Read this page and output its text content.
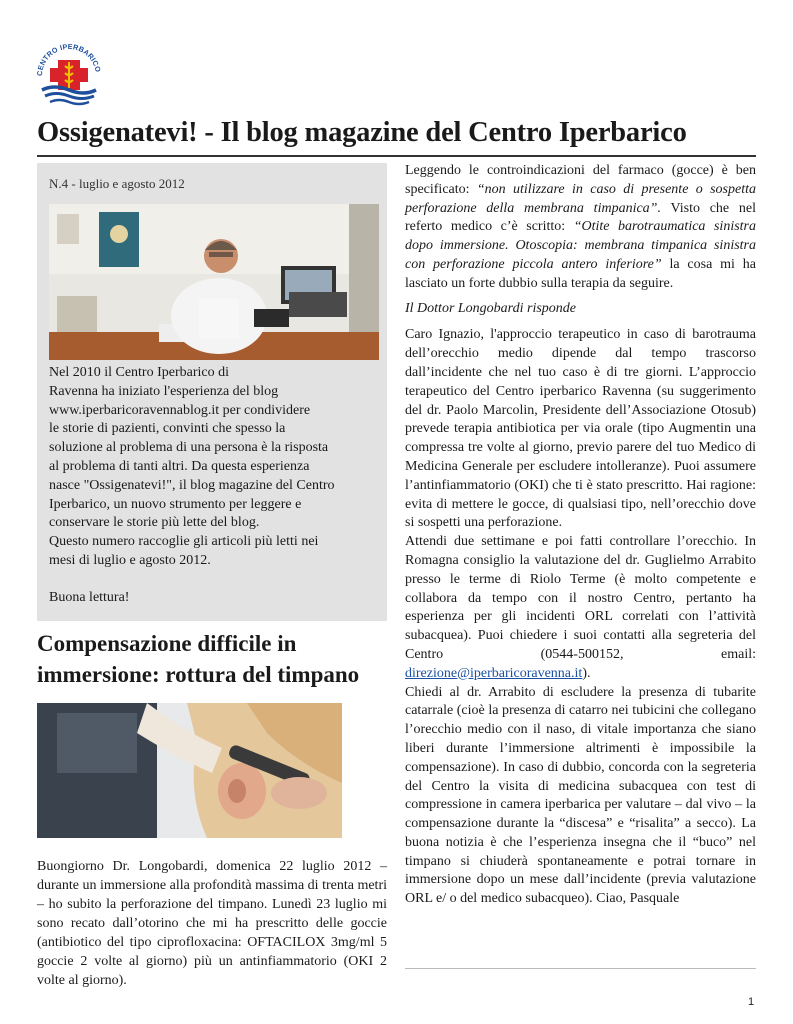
CENTRO IPERBARICO
Ossigenatevi! - Il blog magazine del Centro Iperbarico
N.4 - luglio e agosto 2012

Nel 2010 il Centro Iperbarico di

Ravenna ha iniziato l'esperienza del blog

www.iperbaricoravennablog.it per condividere

le storie di pazienti, convinti che spesso la

soluzione al problema di una persona è la risposta

al problema di tanti altri. Da questa esperienza

nasce "Ossigenatevi!", il blog magazine del Centro

Iperbarico, un nuovo strumento per leggere e

conservare le storie più lette del blog.

Questo numero raccoglie gli articoli più letti nei

mesi di luglio e agosto 2012.

Buona lettura!

Compensazione difficile in immersione: rottura del timpano

Buongiorno Dr. Longobardi, domenica 22 luglio 2012 – durante un immersione alla profondità massima di trenta metri – ho subito la perforazione del timpano. Lunedì 23 luglio mi sono recato dall’otorino che mi ha prescritto delle goccie (antibiotico del tipo ciprofloxacina: OFTACILOX 3mg/ml 5 goccie 2 volte al giorno) più un antinfiammatorio (OKI 2 volte al giorno).

Leggendo le controindicazioni del farmaco (gocce) è ben specificato: “non utilizzare in caso di presente o sospetta perforazione della membrana timpanica”. Visto che nel referto medico c’è scritto: “Otite barotraumatica sinistra dopo immersione. Otoscopia: membrana timpanica sinistra con perforazione piccola antero inferiore” la cosa mi ha lasciato un forte dubbio sulla terapia da seguire.

Il Dottor Longobardi risponde

Caro Ignazio, l'approccio terapeutico in caso di barotrauma dell’orecchio medio dipende dal tempo trascorso dall’incidente che nel tuo caso è di tre giorni. L’approccio terapeutico del Centro iperbarico Ravenna (su suggerimento del dr. Paolo Marcolin, Presidente dell’Associazione Otosub) prevede terapia antibiotica per via orale (tipo Augmentin una compressa tre volte al giorno, previo parere del tuo Medico di Medicina Generale per escludere intolleranze). Puoi assumere l’antinfiammatorio (OKI) che ti è stato prescritto. Hai ragione: evita di mettere le gocce, di qualsiasi tipo, nell’orecchio dove si sospetti una perforazione.

Attendi due settimane e poi fatti controllare l’orecchio. In Romagna consiglio la valutazione del dr. Guglielmo Arrabito presso le terme di Riolo Terme (è molto competente e collabora da tempo con il nostro Centro, pertanto ha esperienza per gli incidenti ORL correlati con l’attività subacquea). Puoi chiedere i suoi contatti alla segreteria del Centro (0544-500152, email: direzione@iperbaricoravenna.it).

Chiedi al dr. Arrabito di escludere la presenza di tubarite catarrale (cioè la presenza di catarro nei tubicini che collegano l’orecchio medio con il naso, di vitale importanza che siano liberi durante l’immersione altrimenti è impossibile la compensazione). In caso di dubbio, concorda con la segreteria del Centro la visita di medicina subacquea con test di compressione in camera iperbarica per valutare – dal vivo – la compensazione durante la “discesa” e “risalita” a secco). La buona notizia è che l’esperienza insegna che il “buco” nel timpano si chiuderà spontaneamente e potrai tornare in immersione dopo un mese dall’incidente (previa valutazione ORL e/ o del medico subacqueo). Ciao, Pasquale

1
